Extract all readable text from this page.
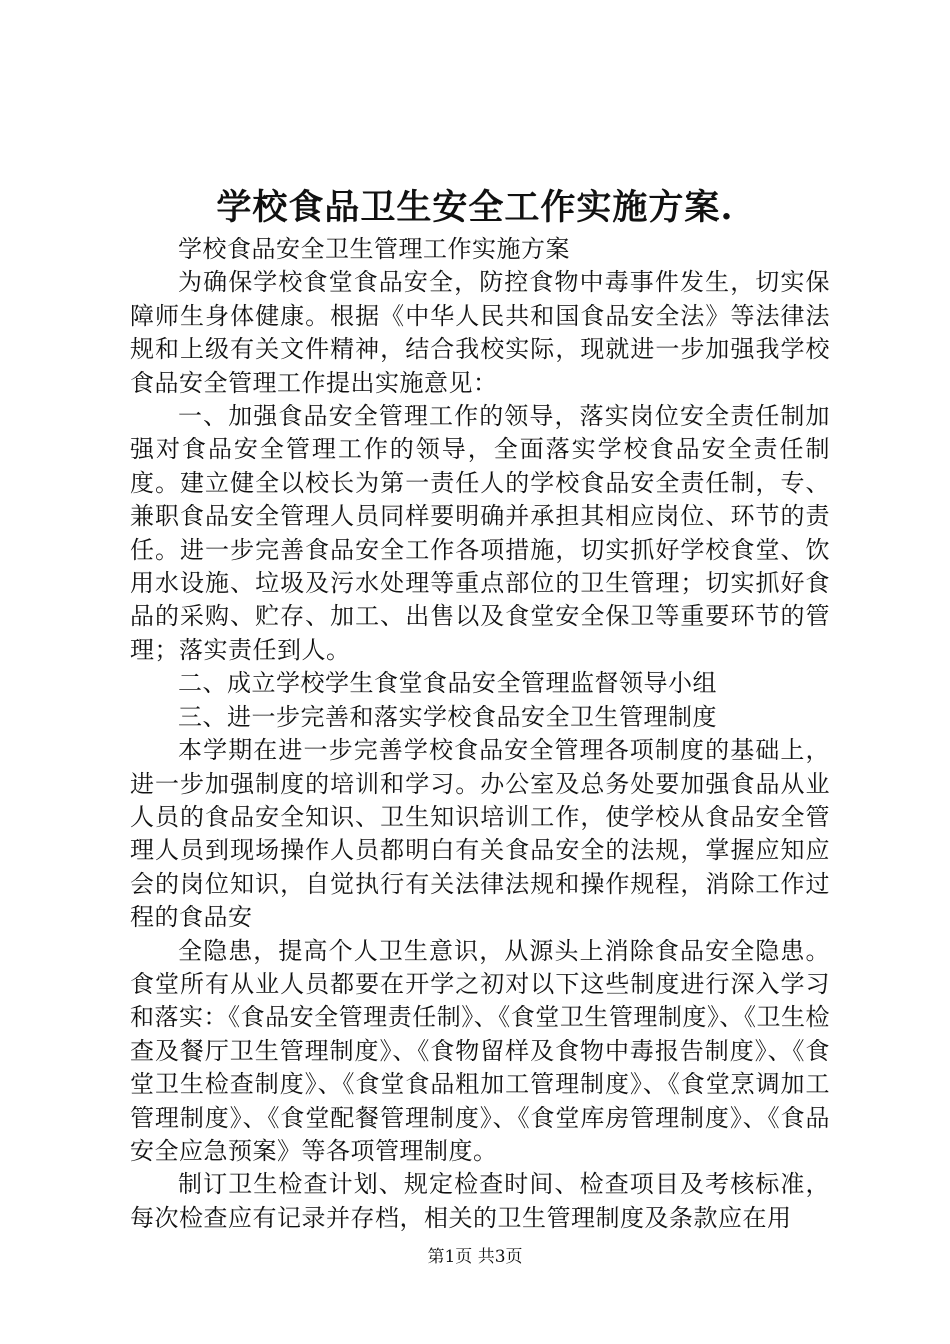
学校食品卫生安全工作实施方案.

学校食品安全卫生管理工作实施方案

为确保学校食堂食品安全，防控食物中毒事件发生，切实保障师生身体健康。根据《中华人民共和国食品安全法》等法律法规和上级有关文件精神，结合我校实际，现就进一步加强我学校食品安全管理工作提出实施意见：

一、加强食品安全管理工作的领导，落实岗位安全责任制加强对食品安全管理工作的领导，全面落实学校食品安全责任制度。建立健全以校长为第一责任人的学校食品安全责任制，专、兼职食品安全管理人员同样要明确并承担其相应岗位、环节的责任。进一步完善食品安全工作各项措施，切实抓好学校食堂、饮用水设施、垃圾及污水处理等重点部位的卫生管理；切实抓好食品的采购、贮存、加工、出售以及食堂安全保卫等重要环节的管理；落实责任到人。

二、成立学校学生食堂食品安全管理监督领导小组

三、进一步完善和落实学校食品安全卫生管理制度

本学期在进一步完善学校食品安全管理各项制度的基础上，进一步加强制度的培训和学习。办公室及总务处要加强食品从业人员的食品安全知识、卫生知识培训工作，使学校从食品安全管理人员到现场操作人员都明白有关食品安全的法规，掌握应知应会的岗位知识，自觉执行有关法律法规和操作规程，消除工作过程的食品安

全隐患，提高个人卫生意识，从源头上消除食品安全隐患。食堂所有从业人员都要在开学之初对以下这些制度进行深入学习和落实：《食品安全管理责任制》、《食堂卫生管理制度》、《卫生检查及餐厅卫生管理制度》、《食物留样及食物中毒报告制度》、《食堂卫生检查制度》、《食堂食品粗加工管理制度》、《食堂烹调加工管理制度》、《食堂配餐管理制度》、《食堂库房管理制度》、《食品安全应急预案》等各项管理制度。

制订卫生检查计划、规定检查时间、检查项目及考核标准，每次检查应有记录并存档，相关的卫生管理制度及条款应在用

第1页 共3页
